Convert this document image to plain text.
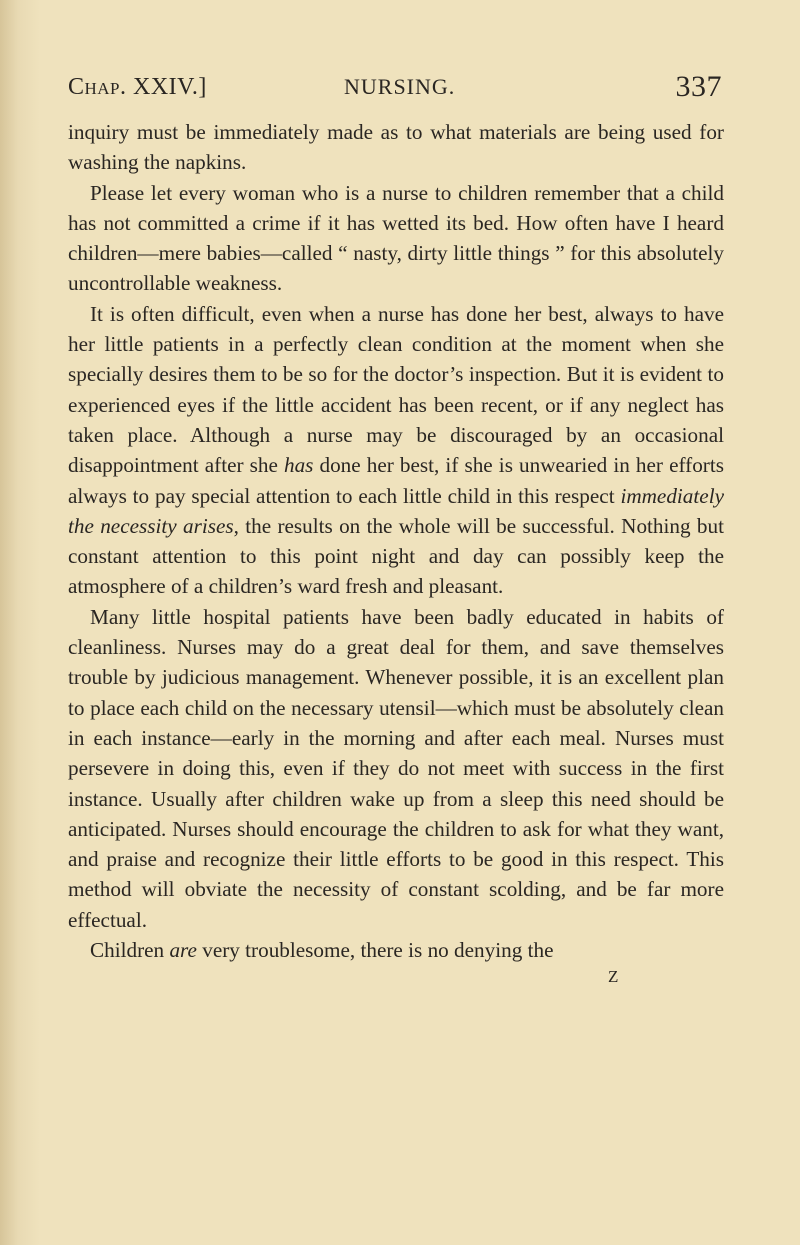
Chap. XXIV.]	NURSING.	337

inquiry must be immediately made as to what materials are being used for washing the napkins.

Please let every woman who is a nurse to children remember that a child has not committed a crime if it has wetted its bed. How often have I heard children—mere babies—called “ nasty, dirty little things ” for this absolutely uncontrollable weakness.

It is often difficult, even when a nurse has done her best, always to have her little patients in a perfectly clean condition at the moment when she specially desires them to be so for the doctor’s inspection. But it is evident to experienced eyes if the little accident has been recent, or if any neglect has taken place. Although a nurse may be discouraged by an occasional disappointment after she has done her best, if she is unwearied in her efforts always to pay special attention to each little child in this respect immediately the necessity arises, the results on the whole will be successful. Nothing but constant attention to this point night and day can possibly keep the atmosphere of a children’s ward fresh and pleasant.

Many little hospital patients have been badly educated in habits of cleanliness. Nurses may do a great deal for them, and save themselves trouble by judicious management. Whenever possible, it is an excellent plan to place each child on the necessary utensil—which must be absolutely clean in each instance—early in the morning and after each meal. Nurses must persevere in doing this, even if they do not meet with success in the first instance. Usually after children wake up from a sleep this need should be anticipated. Nurses should encourage the children to ask for what they want, and praise and recognize their little efforts to be good in this respect. This method will obviate the necessity of constant scolding, and be far more effectual.

Children are very troublesome, there is no denying the

Z
